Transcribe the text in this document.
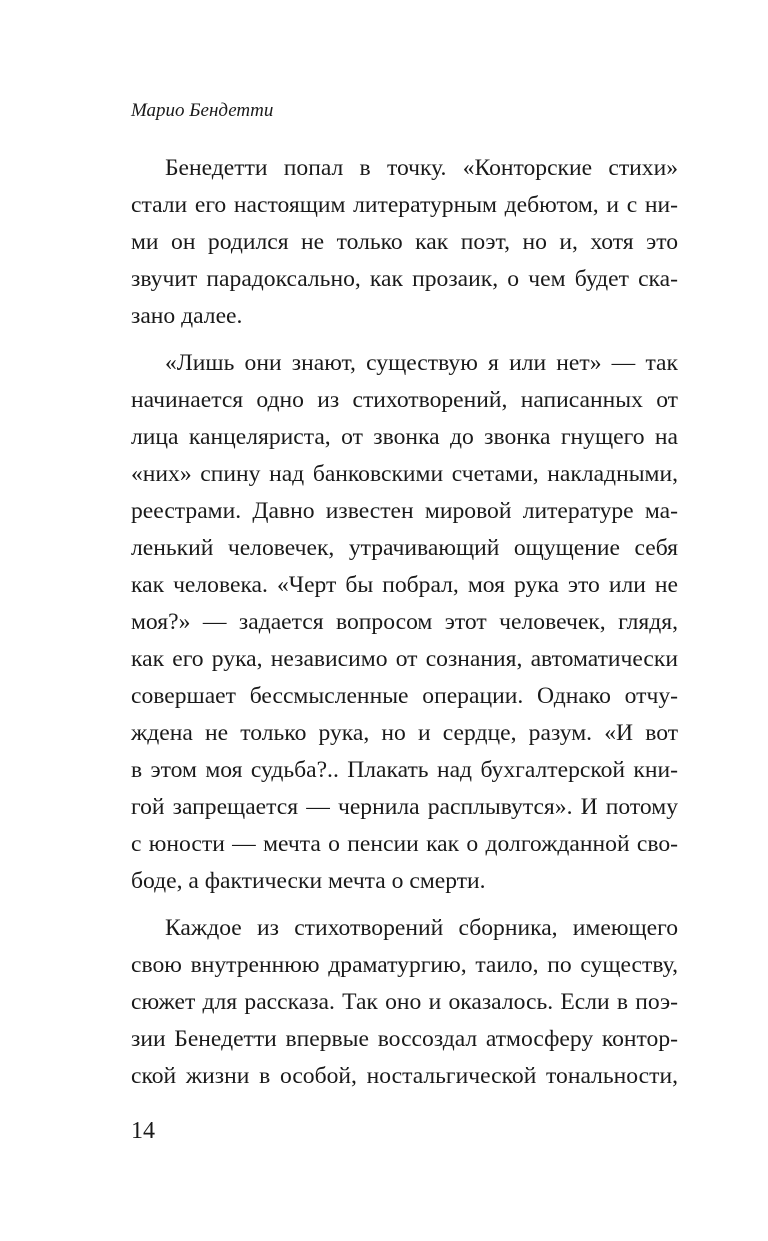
Марио Бендетти

Бенедетти попал в точку. «Конторские стихи»
стали его настоящим литературным дебютом, и с ни-
ми он родился не только как поэт, но и, хотя это
звучит парадоксально, как прозаик, о чем будет ска-
зано далее.

«Лишь они знают, существую я или нет» — так
начинается одно из стихотворений, написанных от
лица канцеляриста, от звонка до звонка гнущего на
«них» спину над банковскими счетами, накладными,
реестрами. Давно известен мировой литературе ма-
ленький человечек, утрачивающий ощущение себя
как человека. «Черт бы побрал, моя рука это или не
моя?» — задается вопросом этот человечек, глядя,
как его рука, независимо от сознания, автоматически
совершает бессмысленные операции. Однако отчу-
ждена не только рука, но и сердце, разум. «И вот
в этом моя судьба?.. Плакать над бухгалтерской кни-
гой запрещается — чернила расплывутся». И потому
с юности — мечта о пенсии как о долгожданной сво-
боде, а фактически мечта о смерти.

Каждое из стихотворений сборника, имеющего
свою внутреннюю драматургию, таило, по существу,
сюжет для рассказа. Так оно и оказалось. Если в поэ-
зии Бенедетти впервые воссоздал атмосферу контор-
ской жизни в особой, ностальгической тональности,

14
